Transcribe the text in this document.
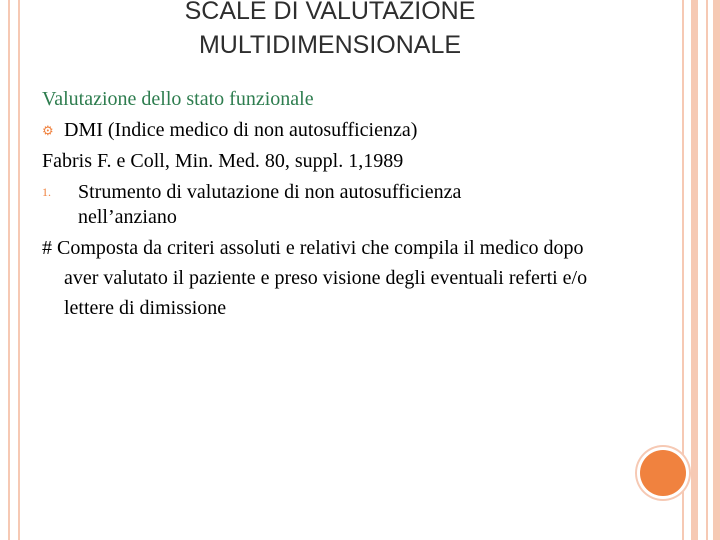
SCALE DI VALUTAZIONE
MULTIDIMENSIONALE
Valutazione dello stato funzionale
⚙ DMI (Indice medico di non autosufficienza)
Fabris F. e Coll, Min. Med. 80, suppl. 1,1989
1. Strumento di valutazione di non autosufficienza
nell’anziano
# Composta da criteri assoluti e relativi che compila il medico dopo aver valutato il paziente e preso visione degli eventuali referti e/o lettere di dimissione
